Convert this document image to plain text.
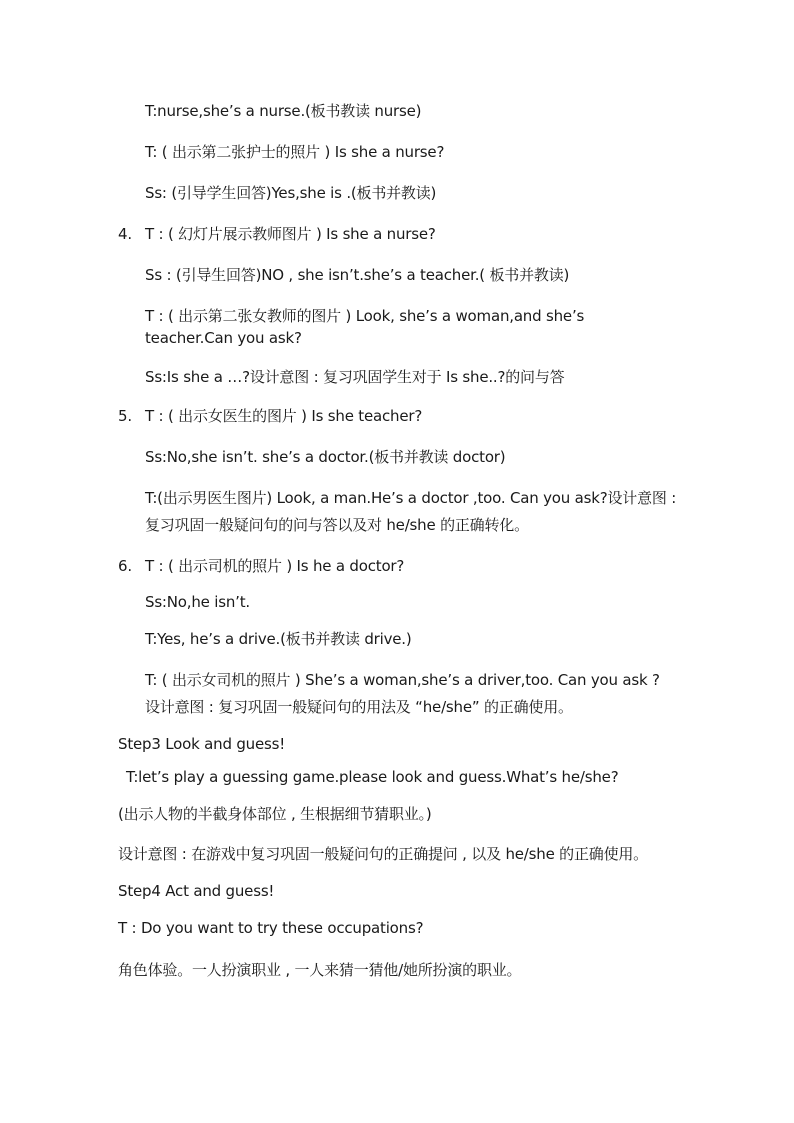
T:nurse,she’s a nurse.(板书教读 nurse)
T: ( 出示第二张护士的照片 ) Is she a nurse?
Ss: (引导学生回答)Yes,she is .(板书并教读)
4. T : ( 幻灯片展示教师图片 ) Is she a nurse?
Ss : (引导生回答)NO , she isn’t.she’s a teacher.( 板书并教读)
T : ( 出示第二张女教师的图片 ) Look, she’s a woman,and she’s
teacher.Can you ask?
Ss:Is she a …?设计意图 : 复习巩固学生对于 Is she..?的问与答
5. T : ( 出示女医生的图片 ) Is she teacher?
Ss:No,she isn’t. she’s a doctor.(板书并教读 doctor)
T:(出示男医生图片) Look, a man.He’s a doctor ,too. Can you ask?设计意图 :
复习巩固一般疑问句的问与答以及对 he/she 的正确转化。
6. T : ( 出示司机的照片 ) Is he a doctor?
Ss:No,he isn’t.
T:Yes, he’s a drive.(板书并教读 drive.)
T: ( 出示女司机的照片 ) She’s a woman,she’s a driver,too. Can you ask ?
设计意图 : 复习巩固一般疑问句的用法及 “he/she” 的正确使用。
Step3 Look and guess!
T:let’s play a guessing game.please look and guess.What’s he/she?
(出示人物的半截身体部位 , 生根据细节猜职业。)
设计意图 : 在游戏中复习巩固一般疑问句的正确提问 , 以及 he/she 的正确使用。
Step4 Act and guess!
T : Do you want to try these occupations?
角色体验。一人扮演职业 , 一人来猜一猜他/她所扮演的职业。
